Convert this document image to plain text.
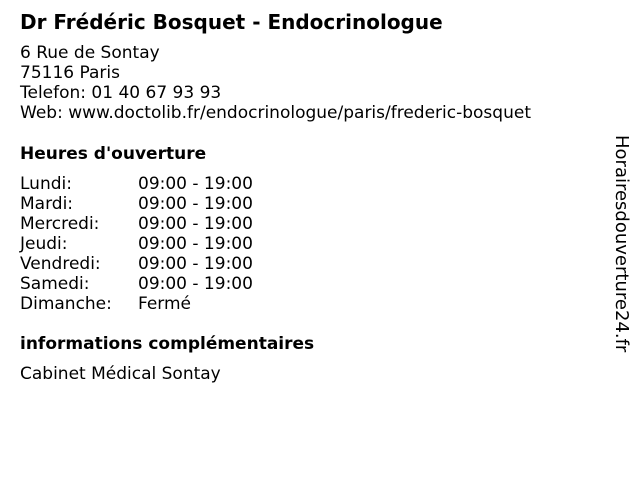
Dr Frédéric Bosquet - Endocrinologue
6 Rue de Sontay
75116 Paris
Telefon: 01 40 67 93 93
Web: www.doctolib.fr/endocrinologue/paris/frederic-bosquet
Heures d'ouverture
Lundi:	09:00 - 19:00
Mardi:	09:00 - 19:00
Mercredi:	09:00 - 19:00
Jeudi:	09:00 - 19:00
Vendredi:	09:00 - 19:00
Samedi:	09:00 - 19:00
Dimanche:	Fermé
informations complémentaires
Cabinet Médical Sontay
Horairesdouverture24.fr
